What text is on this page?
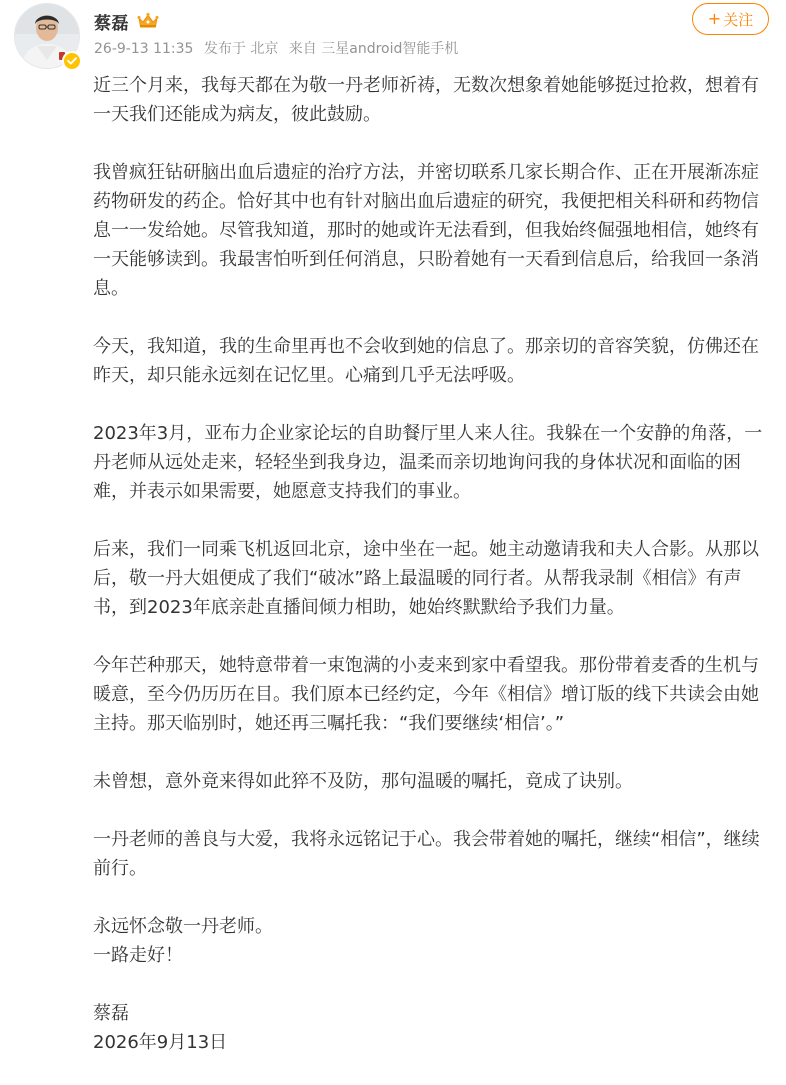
蔡磊
26-9-13 11:35 发布于 北京 来自 三星android智能手机
+ 关注

近三个月来，我每天都在为敬一丹老师祈祷，无数次想象着她能够挺过抢救，想着有一天我们还能成为病友，彼此鼓励。

我曾疯狂钻研脑出血后遗症的治疗方法，并密切联系几家长期合作、正在开展渐冻症药物研发的药企。恰好其中也有针对脑出血后遗症的研究，我便把相关科研和药物信息一一发给她。尽管我知道，那时的她或许无法看到，但我始终倔强地相信，她终有一天能够读到。我最害怕听到任何消息，只盼着她有一天看到信息后，给我回一条消息。

今天，我知道，我的生命里再也不会收到她的信息了。那亲切的音容笑貌，仿佛还在昨天，却只能永远刻在记忆里。心痛到几乎无法呼吸。

2023年3月，亚布力企业家论坛的自助餐厅里人来人往。我躲在一个安静的角落，一丹老师从远处走来，轻轻坐到我身边，温柔而亲切地询问我的身体状况和面临的困难，并表示如果需要，她愿意支持我们的事业。

后来，我们一同乘飞机返回北京，途中坐在一起。她主动邀请我和夫人合影。从那以后，敬一丹大姐便成了我们“破冰”路上最温暖的同行者。从帮我录制《相信》有声书，到2023年底亲赴直播间倾力相助，她始终默默给予我们力量。

今年芒种那天，她特意带着一束饱满的小麦来到家中看望我。那份带着麦香的生机与暖意，至今仍历历在目。我们原本已经约定，今年《相信》增订版的线下共读会由她主持。那天临别时，她还再三嘱托我：“我们要继续‘相信’。”

未曾想，意外竟来得如此猝不及防，那句温暖的嘱托，竟成了诀别。

一丹老师的善良与大爱，我将永远铭记于心。我会带着她的嘱托，继续“相信”，继续前行。

永远怀念敬一丹老师。

一路走好！

蔡磊

2026年9月13日
